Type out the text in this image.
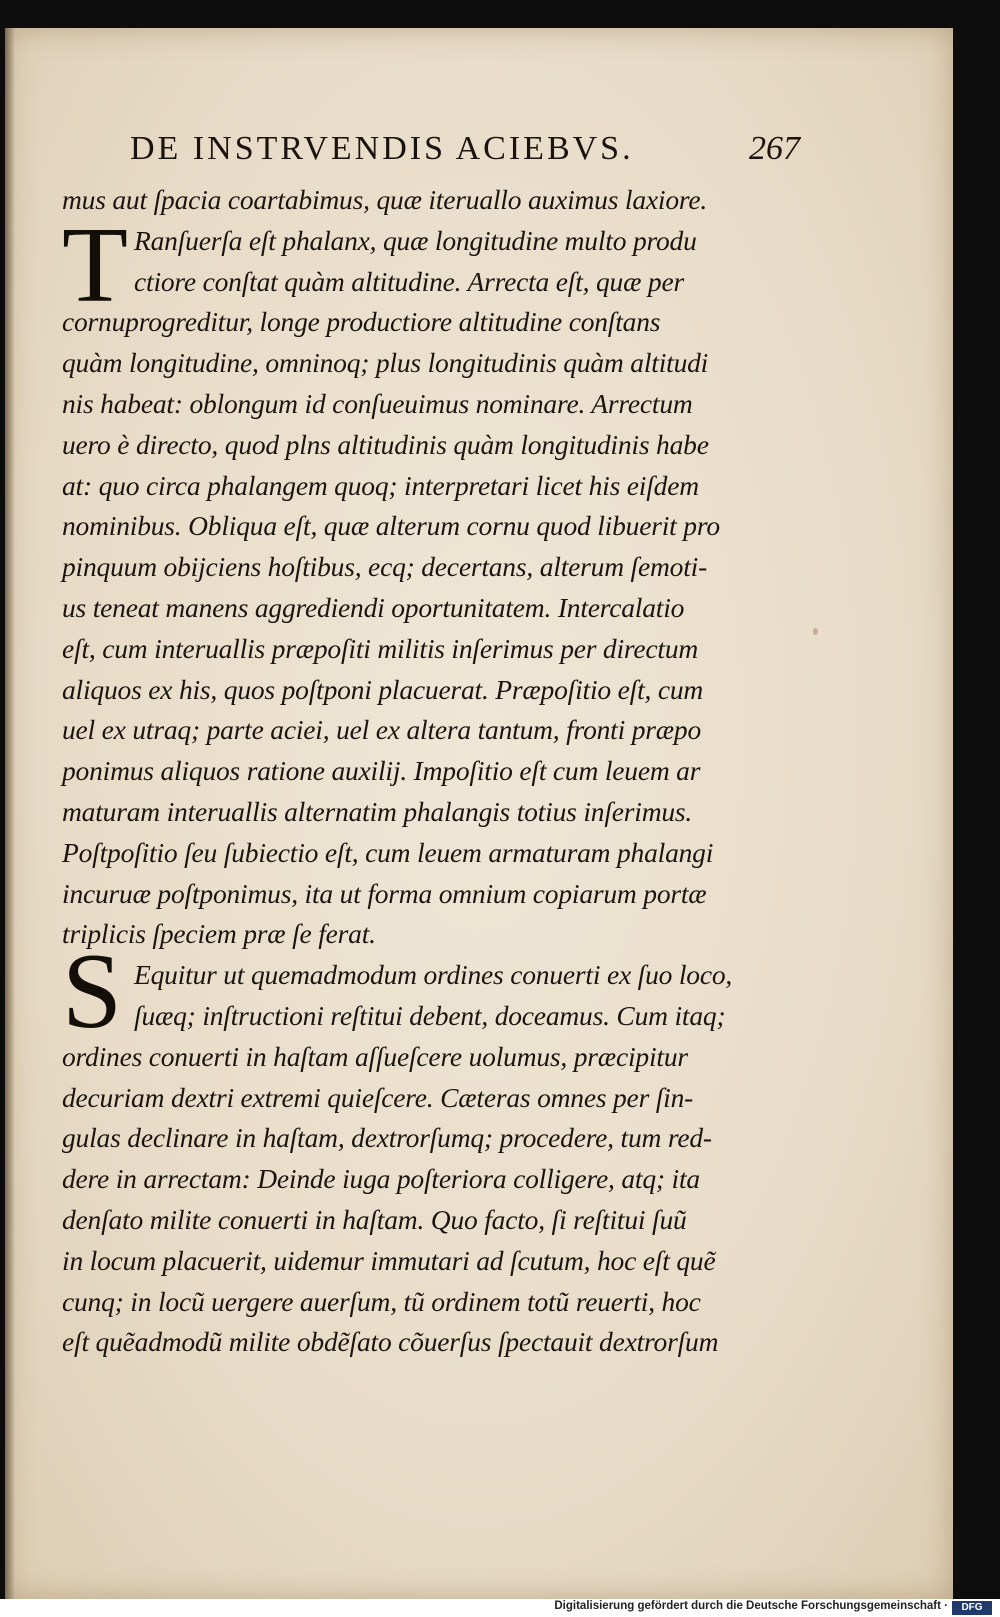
DE INSTRVENDIS ACIEBVS.	267
T
S
mus aut ſpacia coartabimus, quæ iteruallo auximus laxiore.
Ranſuerſa eſt phalanx, quæ longitudine multo produ
ctiore conſtat quàm altitudine. Arrecta eſt, quæ per
cornuprogreditur, longe productiore altitudine conſtans
quàm longitudine, omninoq; plus longitudinis quàm altitudi
nis habeat: oblongum id conſueuimus nominare. Arrectum
uero è directo, quod plns altitudinis quàm longitudinis habe
at: quo circa phalangem quoq; interpretari licet his eiſdem
nominibus. Obliqua eſt, quæ alterum cornu quod libuerit pro
pinquum obijciens hoſtibus, ecq; decertans, alterum ſemoti-
us teneat manens aggrediendi oportunitatem. Intercalatio
eſt, cum interuallis præpoſiti militis inſerimus per directum
aliquos ex his, quos poſtponi placuerat. Præpoſitio eſt, cum
uel ex utraq; parte aciei, uel ex altera tantum, fronti præpo
ponimus aliquos ratione auxilij. Impoſitio eſt cum leuem ar
maturam interuallis alternatim phalangis totius inſerimus.
Poſtpoſitio ſeu ſubiectio eſt, cum leuem armaturam phalangi
incuruæ poſtponimus, ita ut forma omnium copiarum portæ
triplicis ſpeciem præ ſe ferat.
Equitur ut quemadmodum ordines conuerti ex ſuo loco,
ſuæq; inſtructioni reſtitui debent, doceamus. Cum itaq;
ordines conuerti in haſtam aſſueſcere uolumus, præcipitur
decuriam dextri extremi quieſcere. Cæteras omnes per ſin-
gulas declinare in haſtam, dextrorſumq; procedere, tum red-
dere in arrectam: Deinde iuga poſteriora colligere, atq; ita
denſato milite conuerti in haſtam. Quo facto, ſi reſtitui ſuũ
in locum placuerit, uidemur immutari ad ſcutum, hoc eſt quẽ
cunq; in locũ uergere auerſum, tũ ordinem totũ reuerti, hoc
eſt quẽadmodũ milite obdẽſato cõuerſus ſpectauit dextrorſum
Digitalisierung gefördert durch die Deutsche Forschungsgemeinschaft ·	DFG
